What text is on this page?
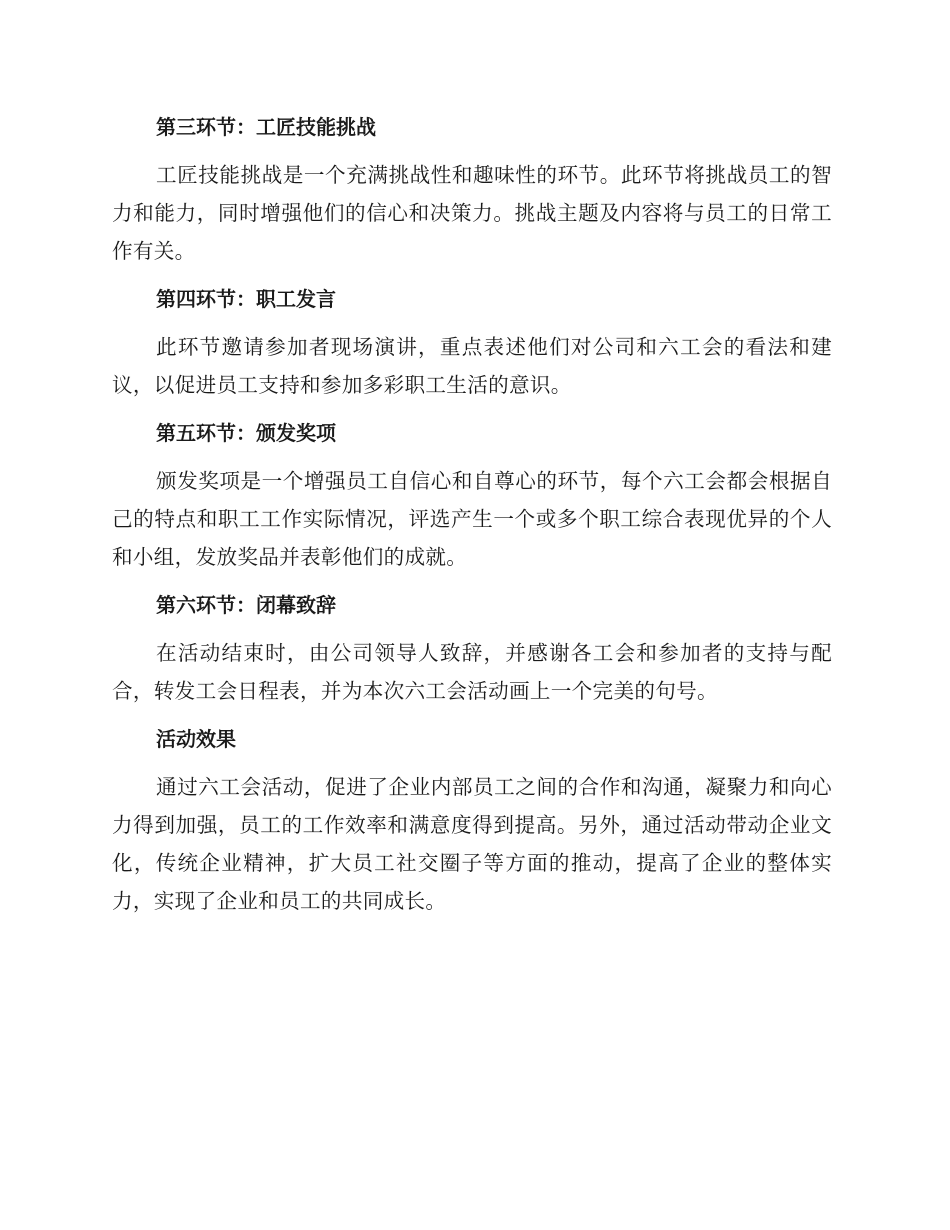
第三环节：工匠技能挑战

工匠技能挑战是一个充满挑战性和趣味性的环节。此环节将挑战员工的智力和能力，同时增强他们的信心和决策力。挑战主题及内容将与员工的日常工作有关。

第四环节：职工发言

此环节邀请参加者现场演讲，重点表述他们对公司和六工会的看法和建议，以促进员工支持和参加多彩职工生活的意识。

第五环节：颁发奖项

颁发奖项是一个增强员工自信心和自尊心的环节，每个六工会都会根据自己的特点和职工工作实际情况，评选产生一个或多个职工综合表现优异的个人和小组，发放奖品并表彰他们的成就。

第六环节：闭幕致辞

在活动结束时，由公司领导人致辞，并感谢各工会和参加者的支持与配合，转发工会日程表，并为本次六工会活动画上一个完美的句号。

活动效果

通过六工会活动，促进了企业内部员工之间的合作和沟通，凝聚力和向心力得到加强，员工的工作效率和满意度得到提高。另外，通过活动带动企业文化，传统企业精神，扩大员工社交圈子等方面的推动，提高了企业的整体实力，实现了企业和员工的共同成长。
